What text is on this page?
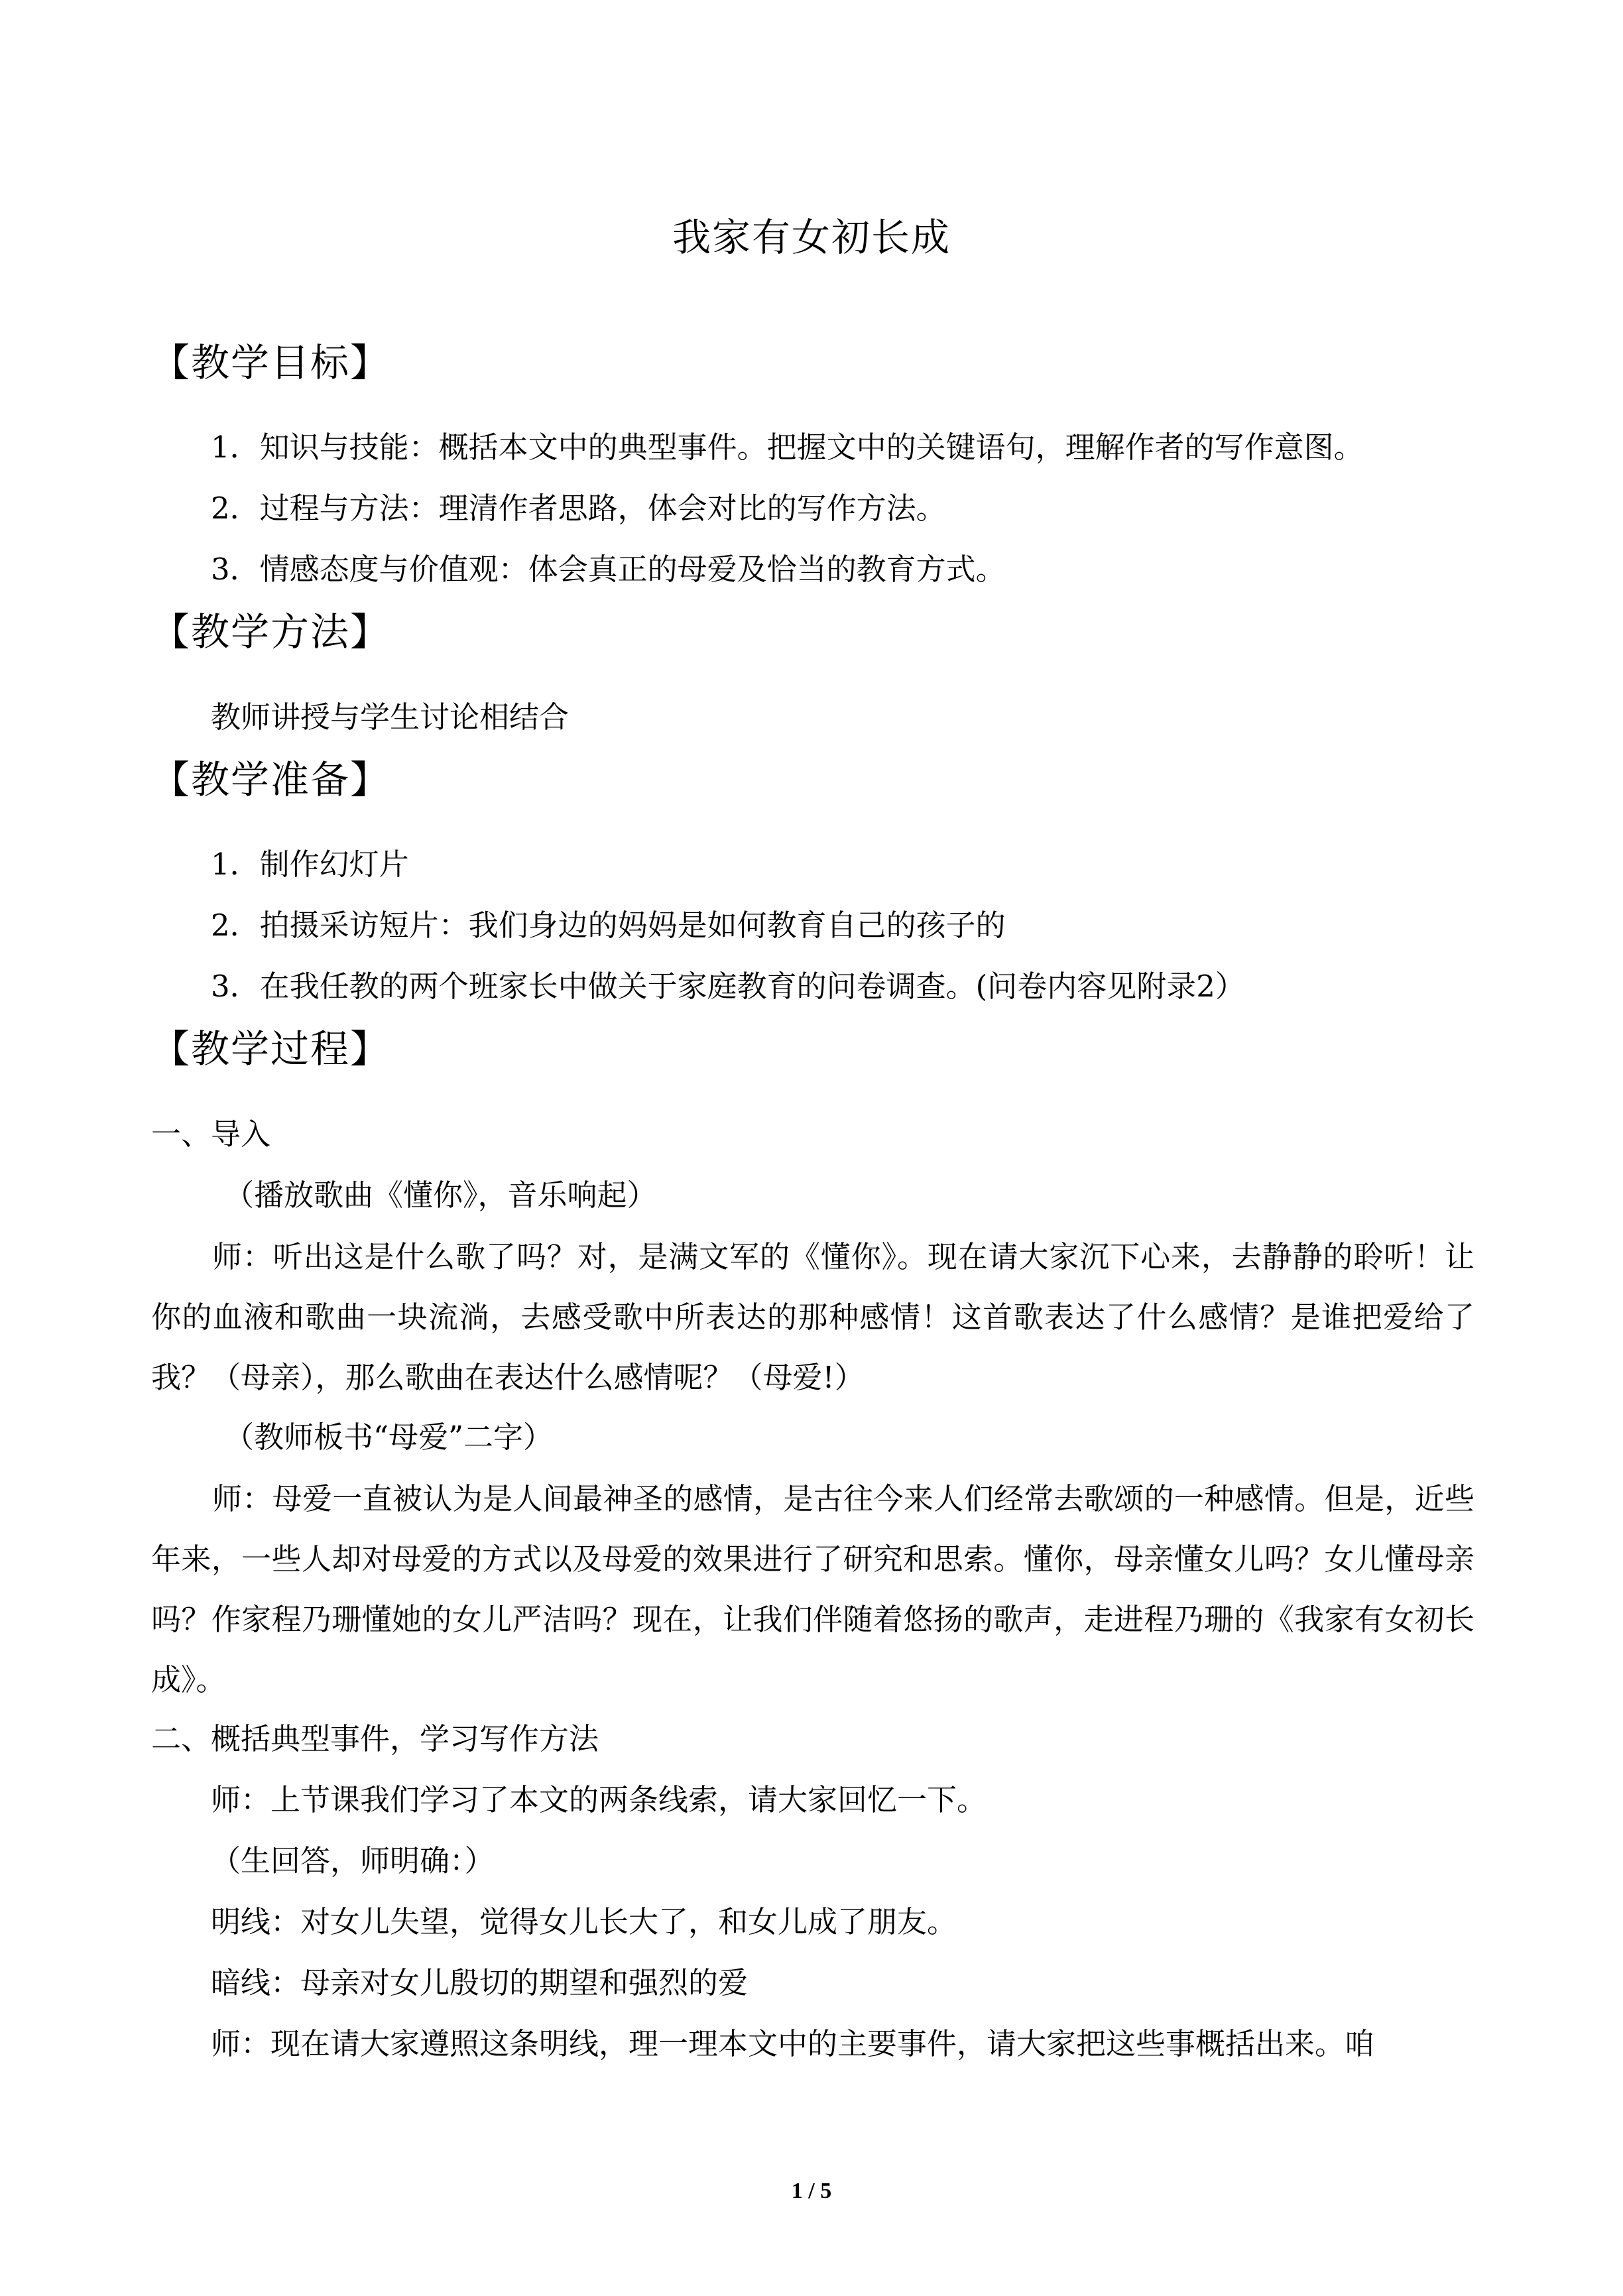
我家有女初长成
【教学目标】
1．知识与技能：概括本文中的典型事件。把握文中的关键语句，理解作者的写作意图。
2．过程与方法：理清作者思路，体会对比的写作方法。
3．情感态度与价值观：体会真正的母爱及恰当的教育方式。
【教学方法】
教师讲授与学生讨论相结合
【教学准备】
1．制作幻灯片
2．拍摄采访短片：我们身边的妈妈是如何教育自己的孩子的
3．在我任教的两个班家长中做关于家庭教育的问卷调查。(问卷内容见附录2）
【教学过程】
一、导入
（播放歌曲《懂你》，音乐响起）
师：听出这是什么歌了吗？对，是满文军的《懂你》。现在请大家沉下心来，去静静的聆听！让你的血液和歌曲一块流淌，去感受歌中所表达的那种感情！这首歌表达了什么感情？是谁把爱给了我？（母亲），那么歌曲在表达什么感情呢？（母爱!）
（教师板书“母爱”二字）
师：母爱一直被认为是人间最神圣的感情，是古往今来人们经常去歌颂的一种感情。但是，近些年来，一些人却对母爱的方式以及母爱的效果进行了研究和思索。懂你，母亲懂女儿吗？女儿懂母亲吗？作家程乃珊懂她的女儿严洁吗？现在，让我们伴随着悠扬的歌声，走进程乃珊的《我家有女初长成》。
二、概括典型事件，学习写作方法
师：上节课我们学习了本文的两条线索，请大家回忆一下。
（生回答，师明确：）
明线：对女儿失望，觉得女儿长大了，和女儿成了朋友。
暗线：母亲对女儿殷切的期望和强烈的爱
师：现在请大家遵照这条明线，理一理本文中的主要事件，请大家把这些事概括出来。咱
1 / 5
